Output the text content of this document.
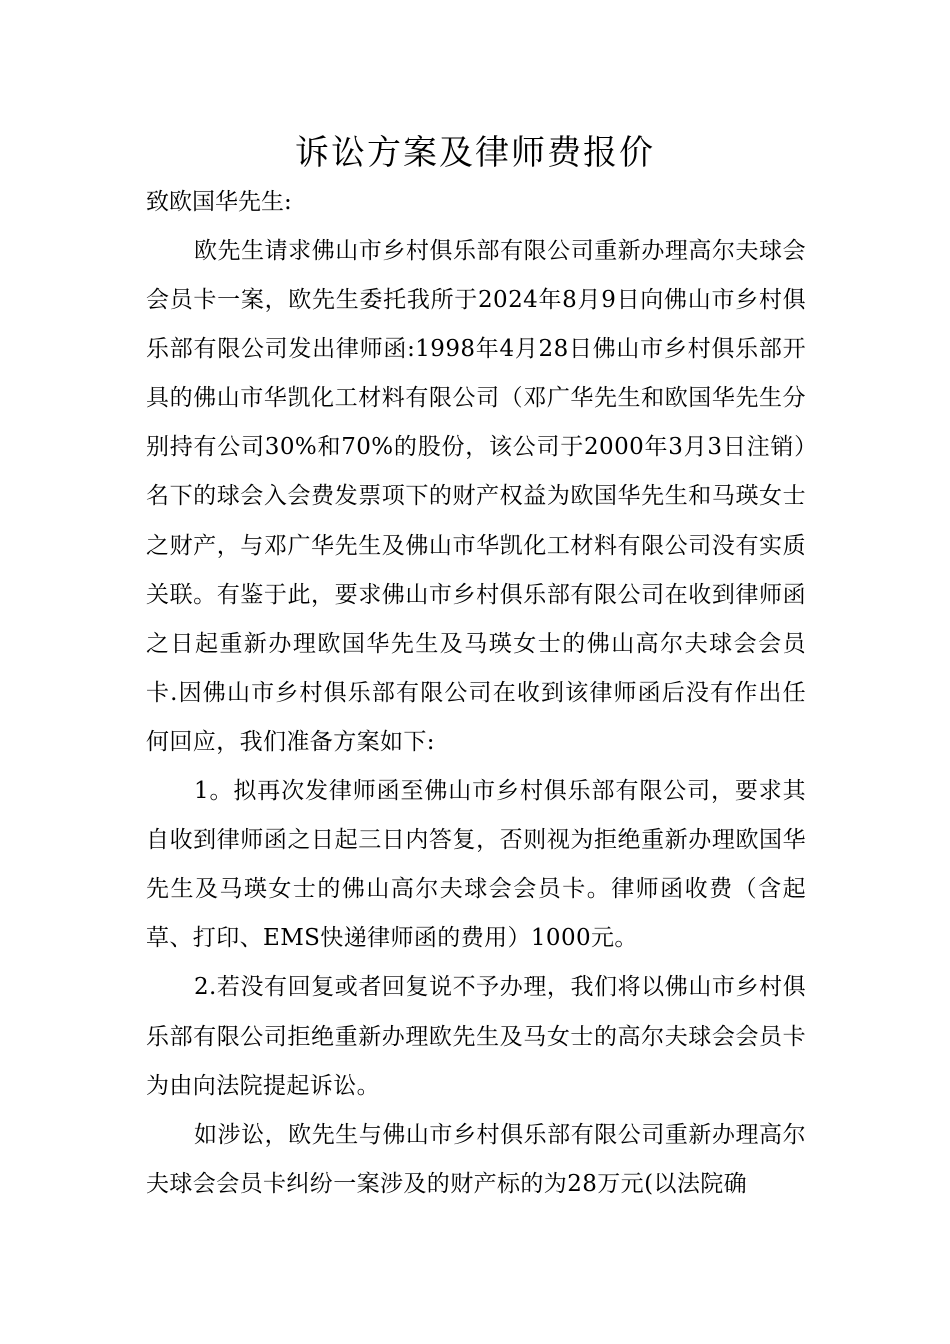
诉讼方案及律师费报价
致欧国华先生:

欧先生请求佛山市乡村俱乐部有限公司重新办理高尔夫球会会员卡一案，欧先生委托我所于2024年8月9日向佛山市乡村俱乐部有限公司发出律师函:1998年4月28日佛山市乡村俱乐部开具的佛山市华凯化工材料有限公司（邓广华先生和欧国华先生分别持有公司30%和70%的股份，该公司于2000年3月3日注销）名下的球会入会费发票项下的财产权益为欧国华先生和马瑛女士之财产，与邓广华先生及佛山市华凯化工材料有限公司没有实质关联。有鉴于此，要求佛山市乡村俱乐部有限公司在收到律师函之日起重新办理欧国华先生及马瑛女士的佛山高尔夫球会会员卡.因佛山市乡村俱乐部有限公司在收到该律师函后没有作出任何回应，我们准备方案如下:

1。拟再次发律师函至佛山市乡村俱乐部有限公司，要求其自收到律师函之日起三日内答复，否则视为拒绝重新办理欧国华先生及马瑛女士的佛山高尔夫球会会员卡。律师函收费（含起草、打印、EMS快递律师函的费用）1000元。

2.若没有回复或者回复说不予办理，我们将以佛山市乡村俱乐部有限公司拒绝重新办理欧先生及马女士的高尔夫球会会员卡为由向法院提起诉讼。

如涉讼，欧先生与佛山市乡村俱乐部有限公司重新办理高尔夫球会会员卡纠纷一案涉及的财产标的为28万元(以法院确
